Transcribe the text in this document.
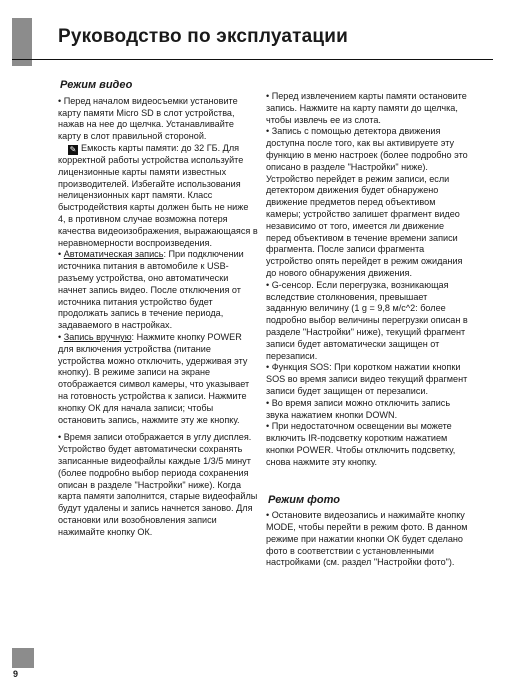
Руководство по эксплуатации
Режим видео

• Перед началом видеосъемки установите карту памяти Micro SD в слот устройства, нажав на нее до щелчка. Устанавливайте карту в слот правильной стороной.

✎ Емкость карты памяти: до 32 ГБ. Для корректной работы устройства используйте лицензионные карты памяти известных производителей. Избегайте использования нелицензионных карт памяти. Класс быстродействия карты должен быть не ниже 4, в противном случае возможна потеря качества видеоизображения, выражающаяся в неравномерности воспроизведения.

• Автоматическая запись: При подключении источника питания в автомобиле к USB-разъему устройства, оно автоматически начнет запись видео. После отключения от источника питания устройство будет продолжать запись в течение периода, задаваемого в настройках.

• Запись вручную: Нажмите кнопку POWER для включения устройства (питание устройства можно отключить, удерживая эту кнопку). В режиме записи на экране отображается символ камеры, что указывает на готовность устройства к записи. Нажмите кнопку ОК для начала записи; чтобы остановить запись, нажмите эту же кнопку.

• Время записи отображается в углу дисплея. Устройство будет автоматически сохранять записанные видеофайлы каждые 1/3/5 минут (более подробно выбор периода сохранения описан в разделе "Настройки" ниже). Когда карта памяти заполнится, старые видеофайлы будут удалены и запись начнется заново. Для остановки или возобновления записи нажимайте кнопку ОК.

• Перед извлечением карты памяти остановите запись. Нажмите на карту памяти до щелчка, чтобы извлечь ее из слота.

• Запись с помощью детектора движения доступна после того, как вы активируете эту функцию в меню настроек (более подробно это описано в разделе "Настройки" ниже). Устройство перейдет в режим записи, если детектором движения будет обнаружено движение предметов перед объективом камеры; устройство запишет фрагмент видео независимо от того, имеется ли движение перед объективом в течение времени записи фрагмента. После записи фрагмента устройство опять перейдет в режим ожидания до нового обнаружения движения.

• G-сенсор. Если перегрузка, возникающая вследствие столкновения, превышает заданную величину (1 g = 9,8 м/с^2: более подробно выбор величины перегрузки описан в разделе "Настройки" ниже), текущий фрагмент записи будет автоматически защищен от перезаписи.

• Функция SOS: При коротком нажатии кнопки SOS во время записи видео текущий фрагмент записи будет защищен от перезаписи.

• Во время записи можно отключить запись звука нажатием кнопки DOWN.

• При недостаточном освещении вы можете включить IR-подсветку коротким нажатием кнопки POWER. Чтобы отключить подсветку, снова нажмите эту кнопку.

Режим фото

• Остановите видеозапись и нажимайте кнопку MODE, чтобы перейти в режим фото. В данном режиме при нажатии кнопки ОК будет сделано фото в соответствии с установленными настройками (см. раздел "Настройки фото").

9
